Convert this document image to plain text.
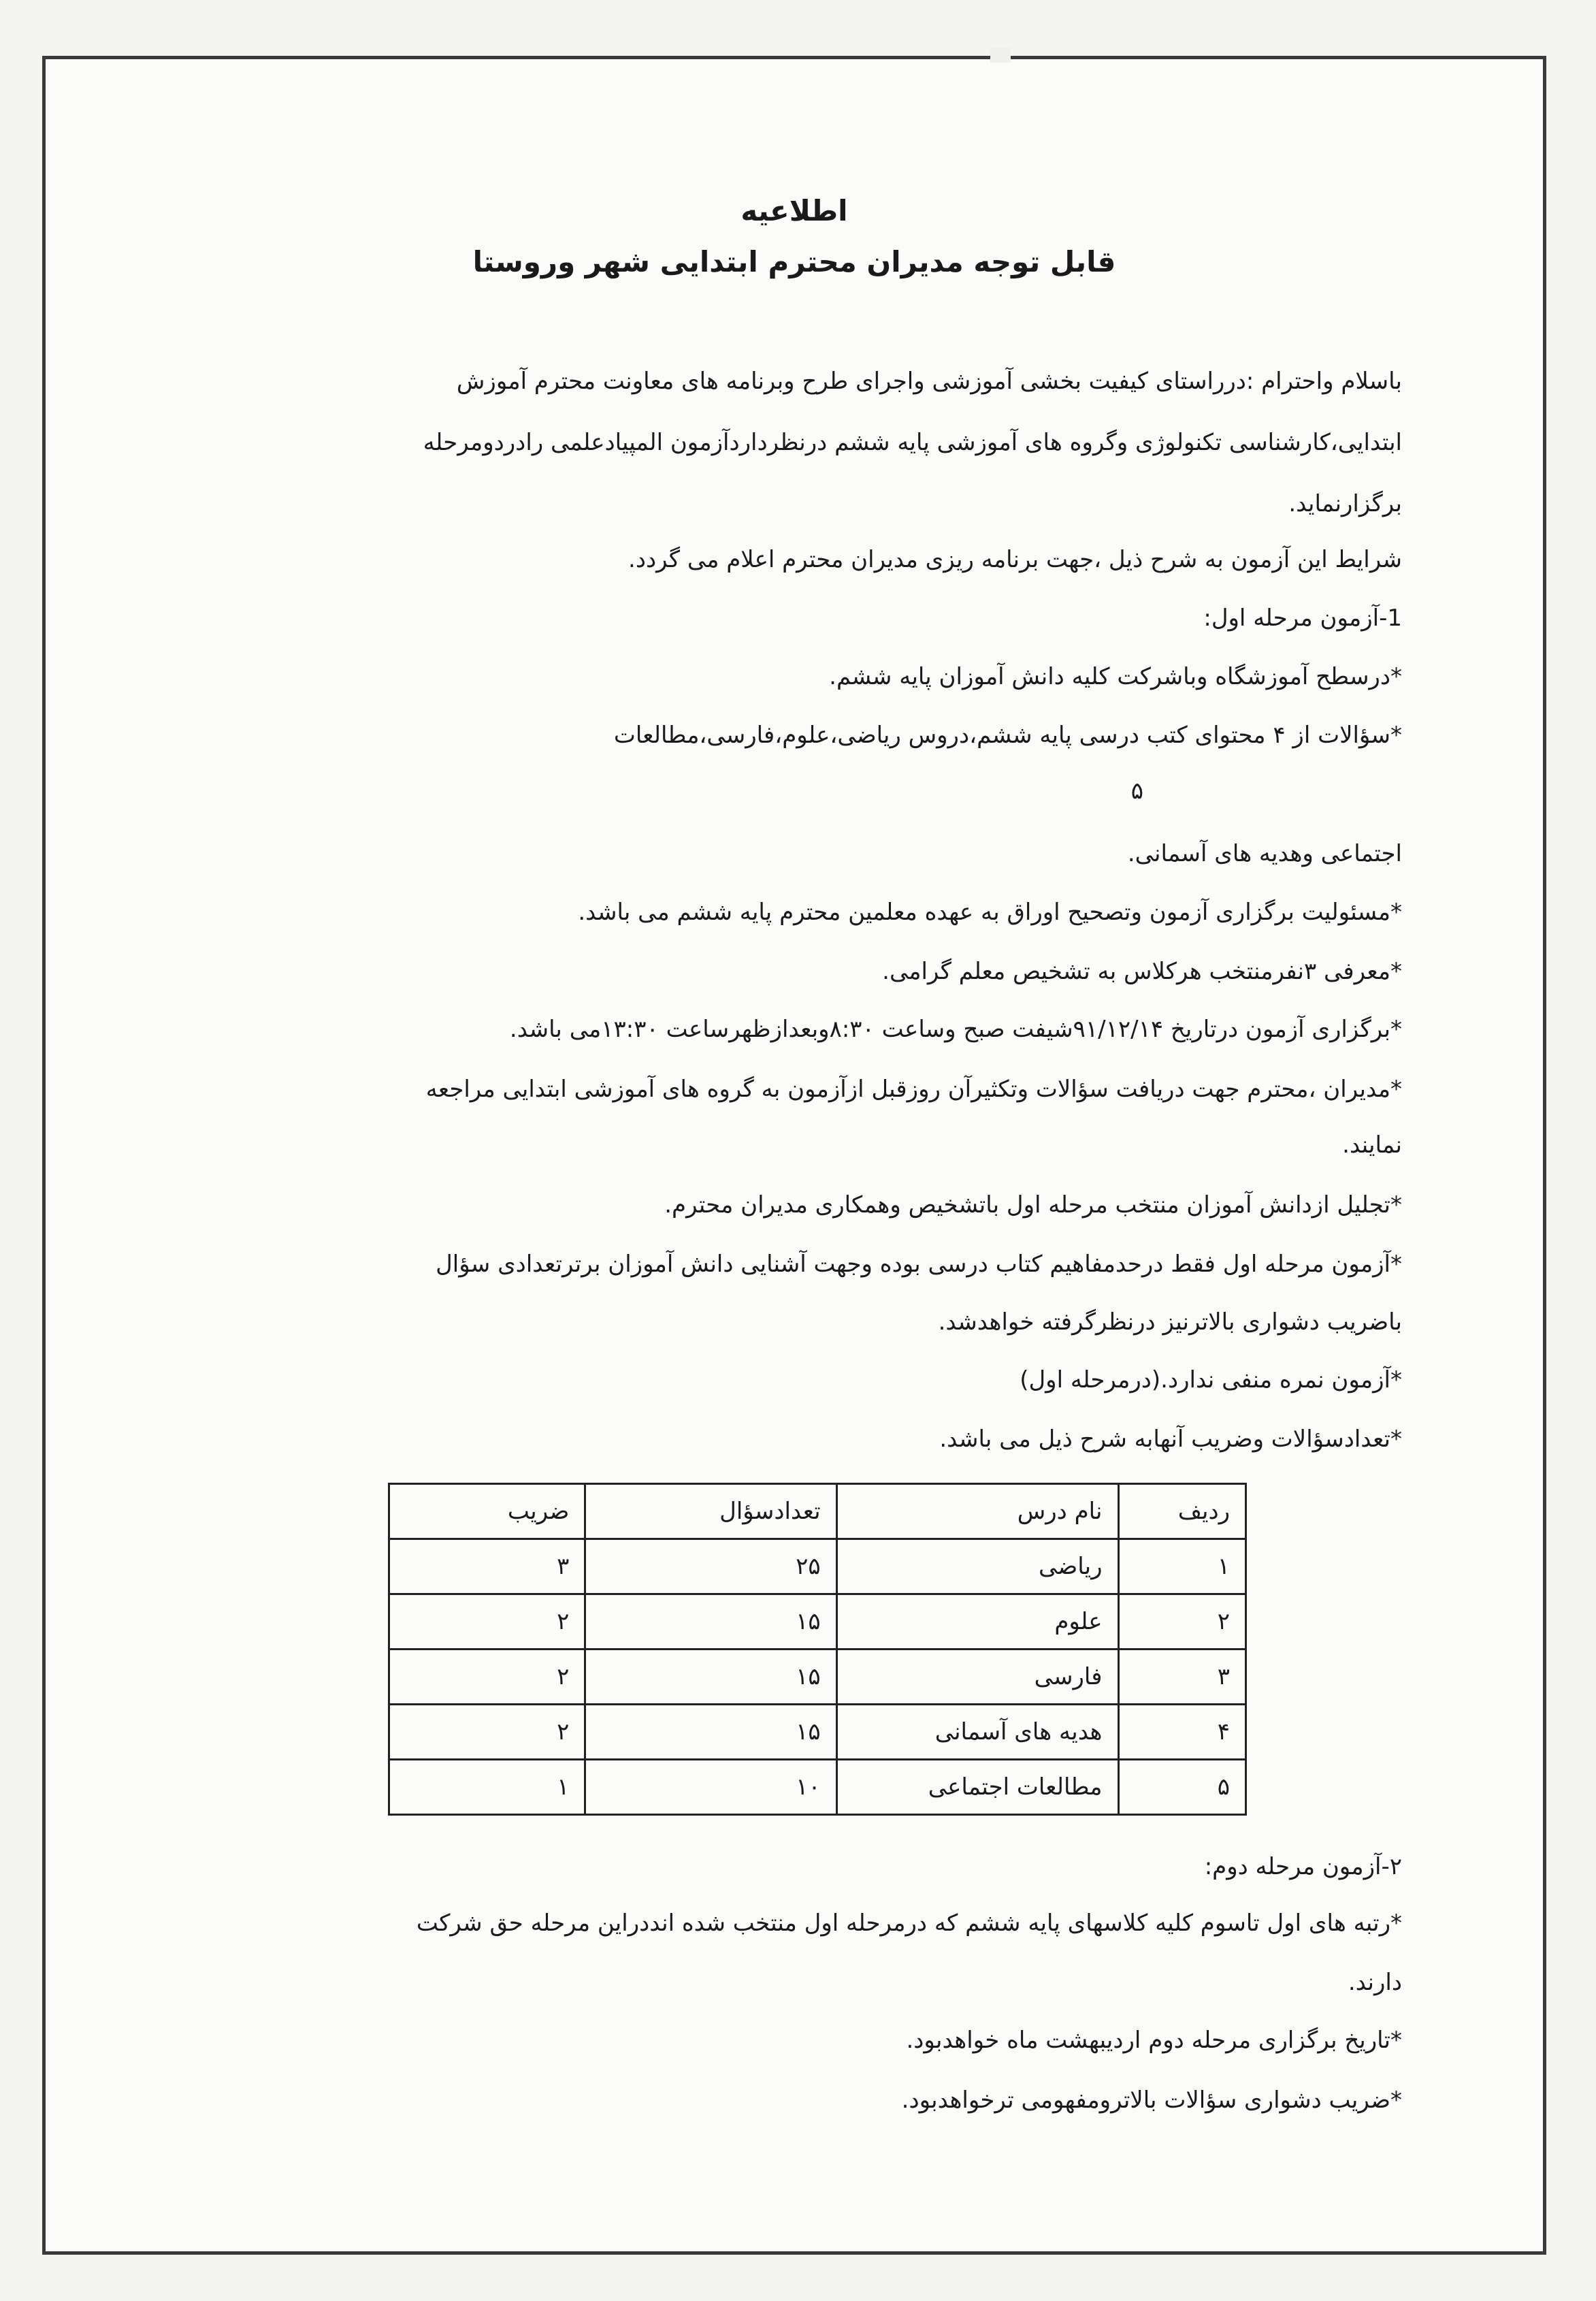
اطلاعیه
قابل توجه مدیران محترم ابتدایی شهر وروستا
باسلام واحترام :درراستای کیفیت بخشی آموزشی واجرای طرح وبرنامه های معاونت محترم آموزش
ابتدایی،کارشناسی تکنولوژی وگروه های آموزشی پایه ششم درنظرداردآزمون المپیادعلمی رادردومرحله
برگزارنماید.
شرایط این آزمون به شرح ذیل ،جهت برنامه ریزی مدیران محترم اعلام می گردد.
1-آزمون مرحله اول:
*درسطح آموزشگاه وباشرکت کلیه دانش آموزان پایه ششم.
*سؤالات از ۴ محتوای کتب درسی پایه ششم،دروس ریاضی،علوم،فارسی،مطالعات
۵
اجتماعی وهدیه های آسمانی.
*مسئولیت برگزاری آزمون وتصحیح اوراق به عهده معلمین محترم پایه ششم می باشد.
*معرفی ۳نفرمنتخب هرکلاس به تشخیص معلم گرامی.
*برگزاری آزمون درتاریخ ۹۱/۱۲/۱۴شیفت صبح وساعت ۸:۳۰وبعدازظهرساعت ۱۳:۳۰می باشد.
*مدیران ،محترم جهت دریافت سؤالات وتکثیرآن روزقبل ازآزمون به گروه های آموزشی ابتدایی مراجعه
نمایند.
*تجلیل ازدانش آموزان منتخب مرحله اول باتشخیص وهمکاری مدیران محترم.
*آزمون مرحله اول فقط درحدمفاهیم کتاب درسی بوده وجهت آشنایی دانش آموزان برترتعدادی سؤال
باضریب دشواری بالاترنیز درنظرگرفته خواهدشد.
*آزمون نمره منفی ندارد.(درمرحله اول)
*تعدادسؤالات وضریب آنهابه شرح ذیل می باشد.
ردیف	نام درس	تعدادسؤال	ضریب
۱	ریاضی	۲۵	۳
۲	علوم	۱۵	۲
۳	فارسی	۱۵	۲
۴	هدیه های آسمانی	۱۵	۲
۵	مطالعات اجتماعی	۱۰	۱
۲-آزمون مرحله دوم:
*رتبه های اول تاسوم کلیه کلاسهای پایه ششم که درمرحله اول منتخب شده انددراین مرحله حق شرکت
دارند.
*تاریخ برگزاری مرحله دوم اردیبهشت ماه خواهدبود.
*ضریب دشواری سؤالات بالاترومفهومی ترخواهدبود.
